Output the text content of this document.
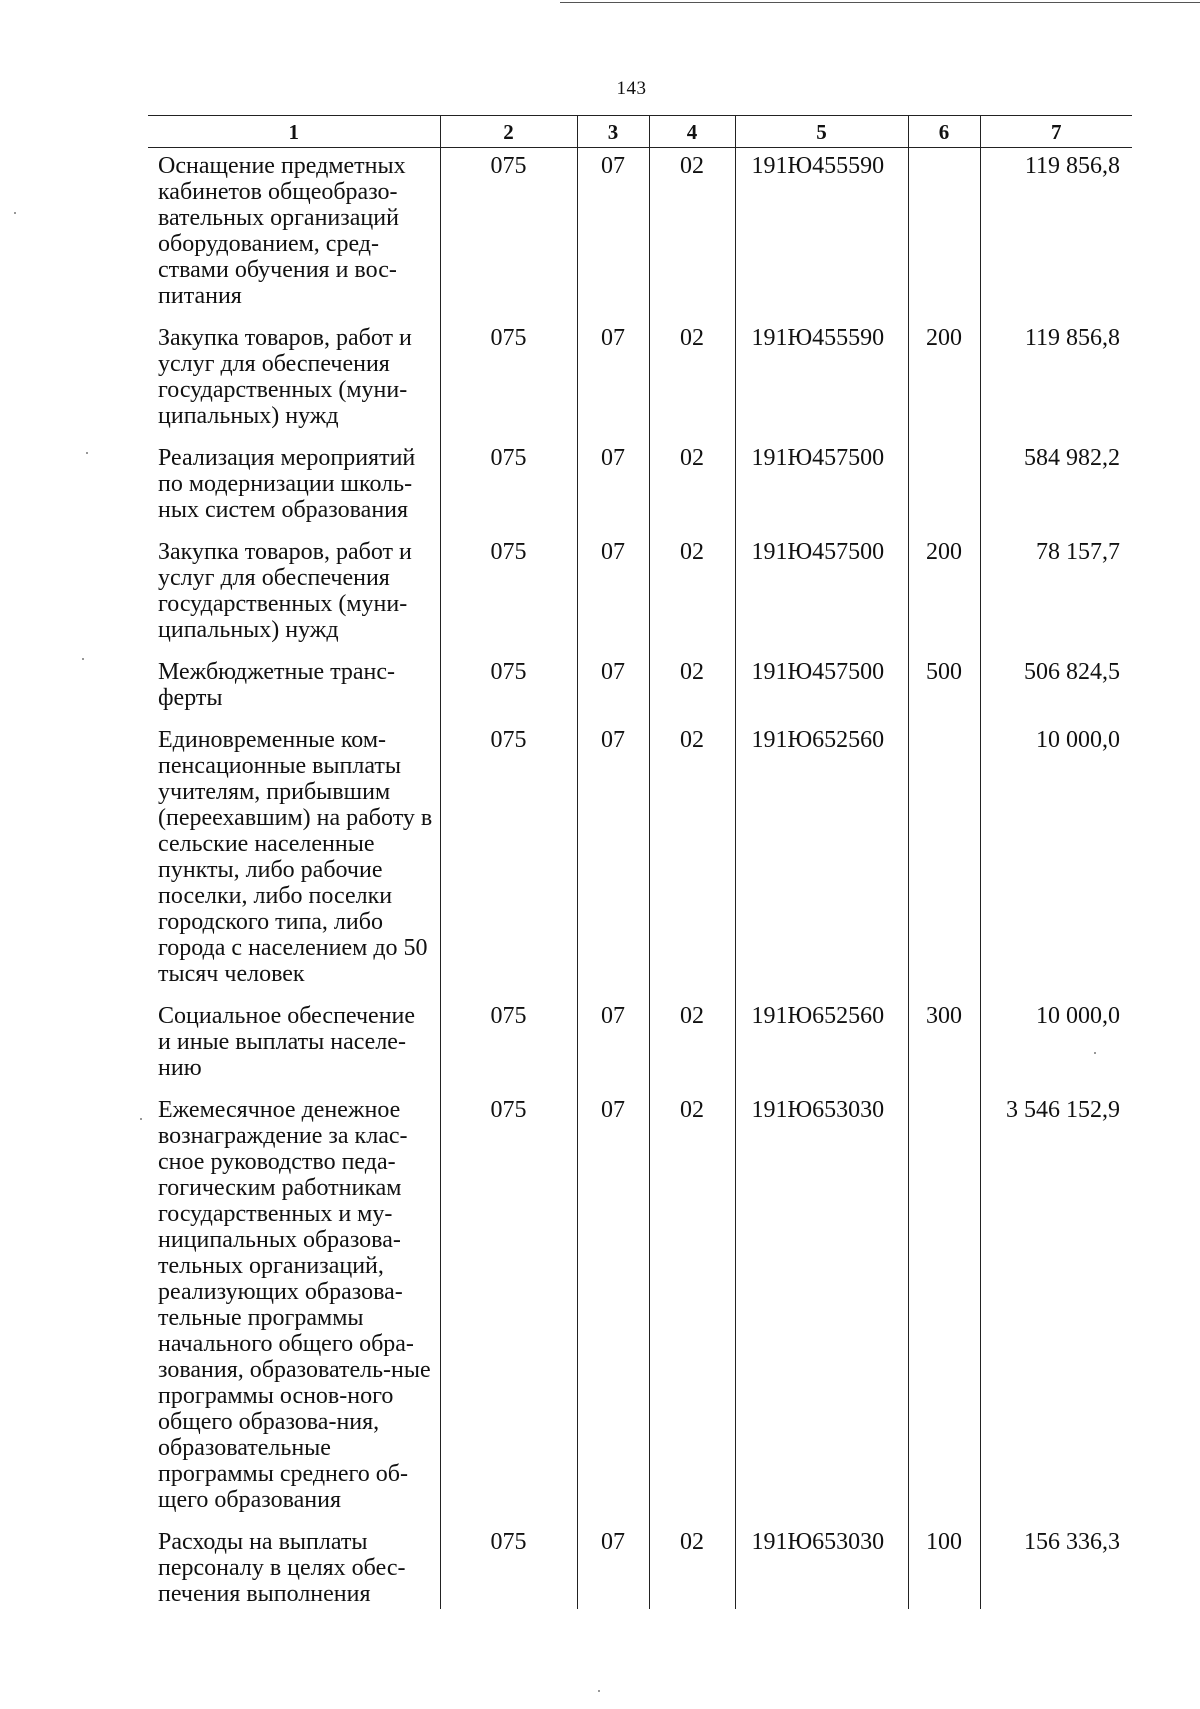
143
1	2	3	4	5	6	7
Оснащение предметных кабинетов общеобразо-вательных организаций оборудованием, сред-ствами обучения и вос-питания	075	07	02	191Ю455590		119 856,8
Закупка товаров, работ и услуг для обеспечения государственных (муни-ципальных) нужд	075	07	02	191Ю455590	200	119 856,8
Реализация мероприятий по модернизации школь-ных систем образования	075	07	02	191Ю457500		584 982,2
Закупка товаров, работ и услуг для обеспечения государственных (муни-ципальных) нужд	075	07	02	191Ю457500	200	78 157,7
Межбюджетные транс-ферты	075	07	02	191Ю457500	500	506 824,5
Единовременные ком-пенсационные выплаты учителям, прибывшим (переехавшим) на работу в сельские населенные пункты, либо рабочие поселки, либо поселки городского типа, либо города с населением до 50 тысяч человек	075	07	02	191Ю652560		10 000,0
Социальное обеспечение и иные выплаты населе-нию	075	07	02	191Ю652560	300	10 000,0
Ежемесячное денежное вознаграждение за клас-сное руководство педа-гогическим работникам государственных и му-ниципальных образова-тельных организаций, реализующих образова-тельные программы начального общего обра-зования, образователь-ные программы основ-ного общего образова-ния, образовательные программы среднего об-щего образования	075	07	02	191Ю653030		3 546 152,9
Расходы на выплаты персоналу в целях обес-печения выполнения	075	07	02	191Ю653030	100	156 336,3
